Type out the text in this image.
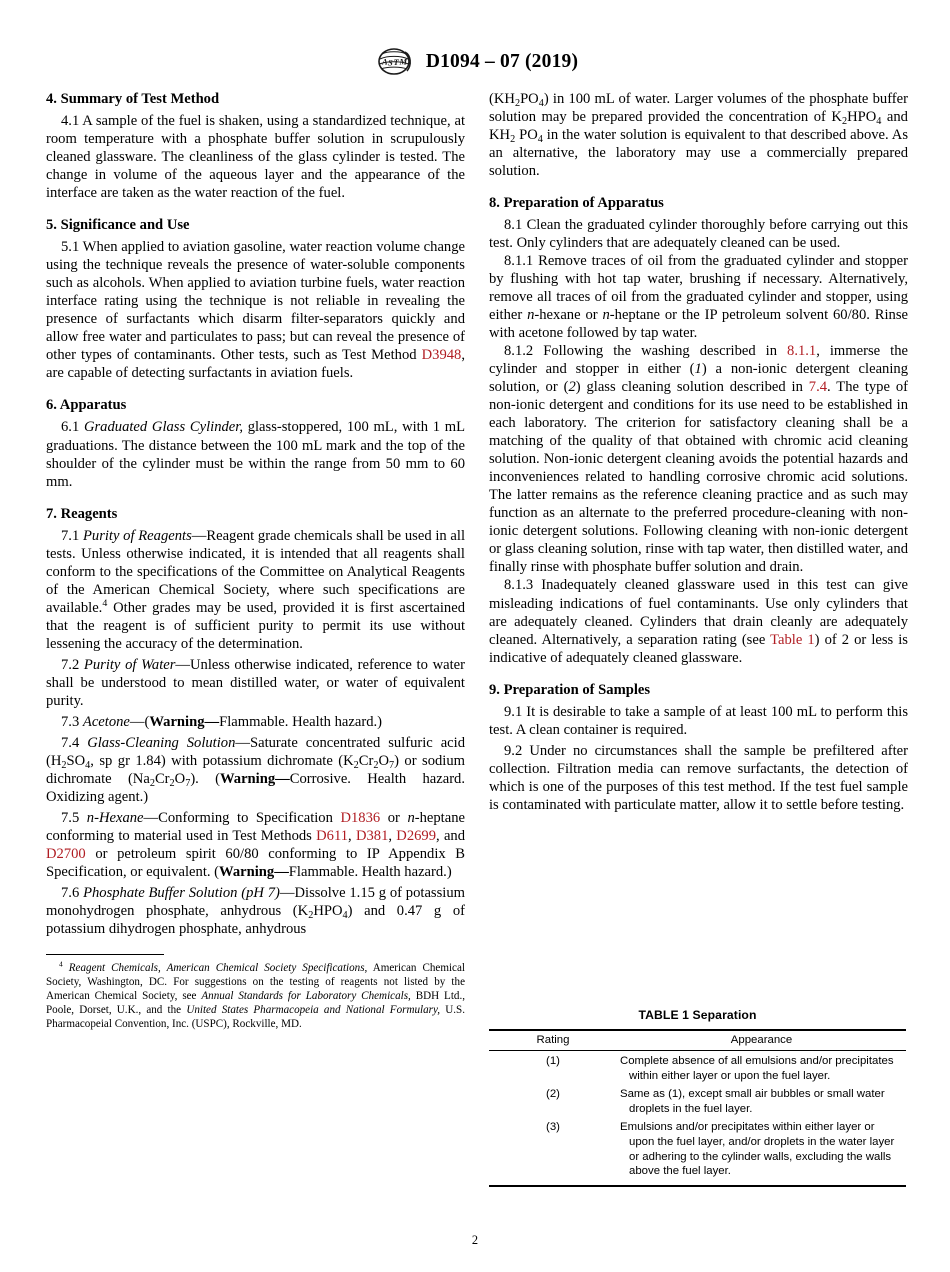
A S T M D1094 – 07 (2019)
4. Summary of Test Method

4.1 A sample of the fuel is shaken, using a standardized technique, at room temperature with a phosphate buffer solution in scrupulously cleaned glassware. The cleanliness of the glass cylinder is tested. The change in volume of the aqueous layer and the appearance of the interface are taken as the water reaction of the fuel.

5. Significance and Use

5.1 When applied to aviation gasoline, water reaction volume change using the technique reveals the presence of water-soluble components such as alcohols. When applied to aviation turbine fuels, water reaction interface rating using the technique is not reliable in revealing the presence of surfactants which disarm filter-separators quickly and allow free water and particulates to pass; but can reveal the presence of other types of contaminants. Other tests, such as Test Method D3948, are capable of detecting surfactants in aviation fuels.

6. Apparatus

6.1 Graduated Glass Cylinder, glass-stoppered, 100 mL, with 1 mL graduations. The distance between the 100 mL mark and the top of the shoulder of the cylinder must be within the range from 50 mm to 60 mm.

7. Reagents

7.1 Purity of Reagents—Reagent grade chemicals shall be used in all tests. Unless otherwise indicated, it is intended that all reagents shall conform to the specifications of the Committee on Analytical Reagents of the American Chemical Society, where such specifications are available.$^4$ Other grades may be used, provided it is first ascertained that the reagent is of sufficient purity to permit its use without lessening the accuracy of the determination.

7.2 Purity of Water—Unless otherwise indicated, reference to water shall be understood to mean distilled water, or water of equivalent purity.

7.3 Acetone—(Warning—Flammable. Health hazard.)

7.4 Glass-Cleaning Solution—Saturate concentrated sulfuric acid ($H_2SO_4$, sp gr 1.84) with potassium dichromate $(K_2Cr_2O_7)$ or sodium dichromate $(Na_2Cr_2O_7)$. (Warning—Corrosive. Health hazard. Oxidizing agent.)

7.5 n-Hexane—Conforming to Specification D1836 or n-heptane conforming to material used in Test Methods D611, D381, D2699, and D2700 or petroleum spirit 60/80 conforming to IP Appendix B Specification, or equivalent. (Warning—Flammable. Health hazard.)

7.6 Phosphate Buffer Solution (pH 7)—Dissolve 1.15 g of potassium monohydrogen phosphate, anhydrous $(K_2HPO_4)$ and 0.47 g of potassium dihydrogen phosphate, anhydrous

$^4$ Reagent Chemicals, American Chemical Society Specifications, American Chemical Society, Washington, DC. For suggestions on the testing of reagents not listed by the American Chemical Society, see Annual Standards for Laboratory Chemicals, BDH Ltd., Poole, Dorset, U.K., and the United States Pharmacopeia and National Formulary, U.S. Pharmacopeial Convention, Inc. (USPC), Rockville, MD.

$(KH_2PO_4)$ in 100 mL of water. Larger volumes of the phosphate buffer solution may be prepared provided the concentration of $K_2HPO_4$ and $KH_2$ $PO_4$ in the water solution is equivalent to that described above. As an alternative, the laboratory may use a commercially prepared solution.

8. Preparation of Apparatus

8.1 Clean the graduated cylinder thoroughly before carrying out this test. Only cylinders that are adequately cleaned can be used.

8.1.1 Remove traces of oil from the graduated cylinder and stopper by flushing with hot tap water, brushing if necessary. Alternatively, remove all traces of oil from the graduated cylinder and stopper, using either n-hexane or n-heptane or the IP petroleum solvent 60/80. Rinse with acetone followed by tap water.

8.1.2 Following the washing described in 8.1.1, immerse the cylinder and stopper in either (1) a non-ionic detergent cleaning solution, or (2) glass cleaning solution described in 7.4. The type of non-ionic detergent and conditions for its use need to be established in each laboratory. The criterion for satisfactory cleaning shall be a matching of the quality of that obtained with chromic acid cleaning solution. Non-ionic detergent cleaning avoids the potential hazards and inconveniences related to handling corrosive chromic acid solutions. The latter remains as the reference cleaning practice and as such may function as an alternate to the preferred procedure-cleaning with non-ionic detergent solutions. Following cleaning with non-ionic detergent or glass cleaning solution, rinse with tap water, then distilled water, and finally rinse with phosphate buffer solution and drain.

8.1.3 Inadequately cleaned glassware used in this test can give misleading indications of fuel contaminants. Use only cylinders that are adequately cleaned. Cylinders that drain cleanly are adequately cleaned. Alternatively, a separation rating (see Table 1) of 2 or less is indicative of adequately cleaned glassware.

9. Preparation of Samples

9.1 It is desirable to take a sample of at least 100 mL to perform this test. A clean container is required.

9.2 Under no circumstances shall the sample be prefiltered after collection. Filtration media can remove surfactants, the detection of which is one of the purposes of this test method. If the test fuel sample is contaminated with particulate matter, allow it to settle before testing.

TABLE 1 Separation
Rating	Appearance
(1)	Complete absence of all emulsions and/or precipitates within either layer or upon the fuel layer.
(2)	Same as (1), except small air bubbles or small water droplets in the fuel layer.
(3)	Emulsions and/or precipitates within either layer or upon the fuel layer, and/or droplets in the water layer or adhering to the cylinder walls, excluding the walls above the fuel layer.
2
